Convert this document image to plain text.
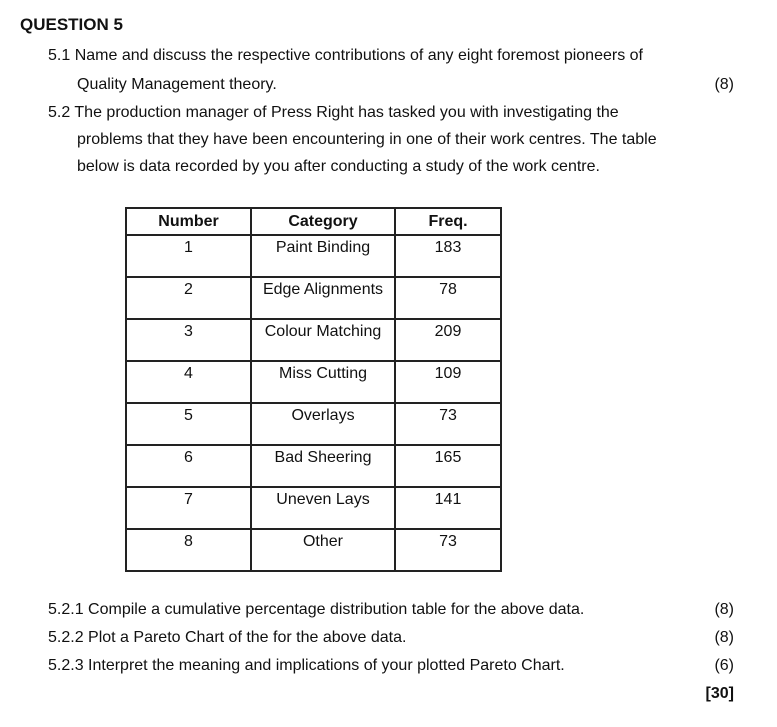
QUESTION 5
5.1 Name and discuss the respective contributions of any eight foremost pioneers of
Quality Management theory.	(8)
5.2 The production manager of Press Right has tasked you with investigating the
problems that they have been encountering in one of their work centres. The table
below is data recorded by you after conducting a study of the work centre.
Number	Category	Freq.

1	Paint Binding	183

2	Edge Alignments	78

3	Colour Matching	209

4	Miss Cutting	109

5	Overlays	73

6	Bad Sheering	165

7	Uneven Lays	141

8	Other	73
5.2.1 Compile a cumulative percentage distribution table for the above data.	(8)
5.2.2 Plot a Pareto Chart of the for the above data.	(8)
5.2.3 Interpret the meaning and implications of your plotted Pareto Chart.	(6)
[30]
